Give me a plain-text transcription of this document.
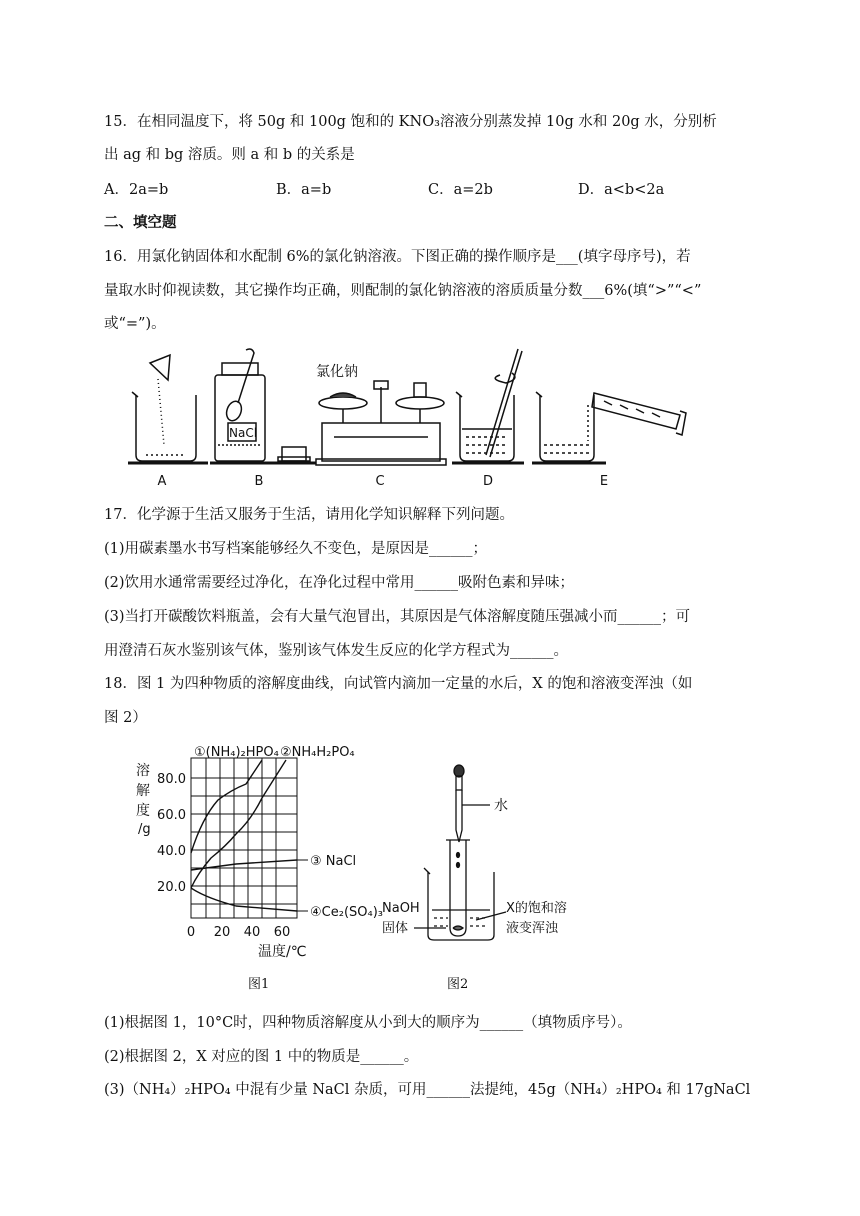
15．在相同温度下，将 50g 和 100g 饱和的 KNO₃溶液分别蒸发掉 10g 水和 20g 水，分别析
出 ag 和 bg 溶质。则 a 和 b 的关系是
A．2a=b	B．a=b	C．a=2b	D．a<b<2a
二、填空题
16．用氯化钠固体和水配制 6%的氯化钠溶液。下图正确的操作顺序是___(填字母序号)，若
量取水时仰视读数，其它操作均正确，则配制的氯化钠溶液的溶质质量分数___6%(填“>”“<”
或“=”)。
氯化钠
NaCl
A	B	C	D	E
17．化学源于生活又服务于生活，请用化学知识解释下列问题。
(1)用碳素墨水书写档案能够经久不变色，是原因是______；
(2)饮用水通常需要经过净化，在净化过程中常用______吸附色素和异味；
(3)当打开碳酸饮料瓶盖，会有大量气泡冒出，其原因是气体溶解度随压强减小而______；可
用澄清石灰水鉴别该气体，鉴别该气体发生反应的化学方程式为______。
18．图 1 为四种物质的溶解度曲线，向试管内滴加一定量的水后，X 的饱和溶液变浑浊（如
图 2）
溶
解
度
/g
20.0
40.0
60.0
80.0
0 20 40 60
温度/℃
①(NH₄)₂HPO₄ ②NH₄H₂PO₄
③ NaCl
④Ce₂(SO₄)₃
水
NaOH
固体
X的饱和溶
液变浑浊
图1	图2
(1)根据图 1，10°C时，四种物质溶解度从小到大的顺序为______（填物质序号）。
(2)根据图 2，X 对应的图 1 中的物质是______。
(3)（NH₄）₂HPO₄ 中混有少量 NaCl 杂质，可用______法提纯，45g（NH₄）₂HPO₄ 和 17gNaCl
